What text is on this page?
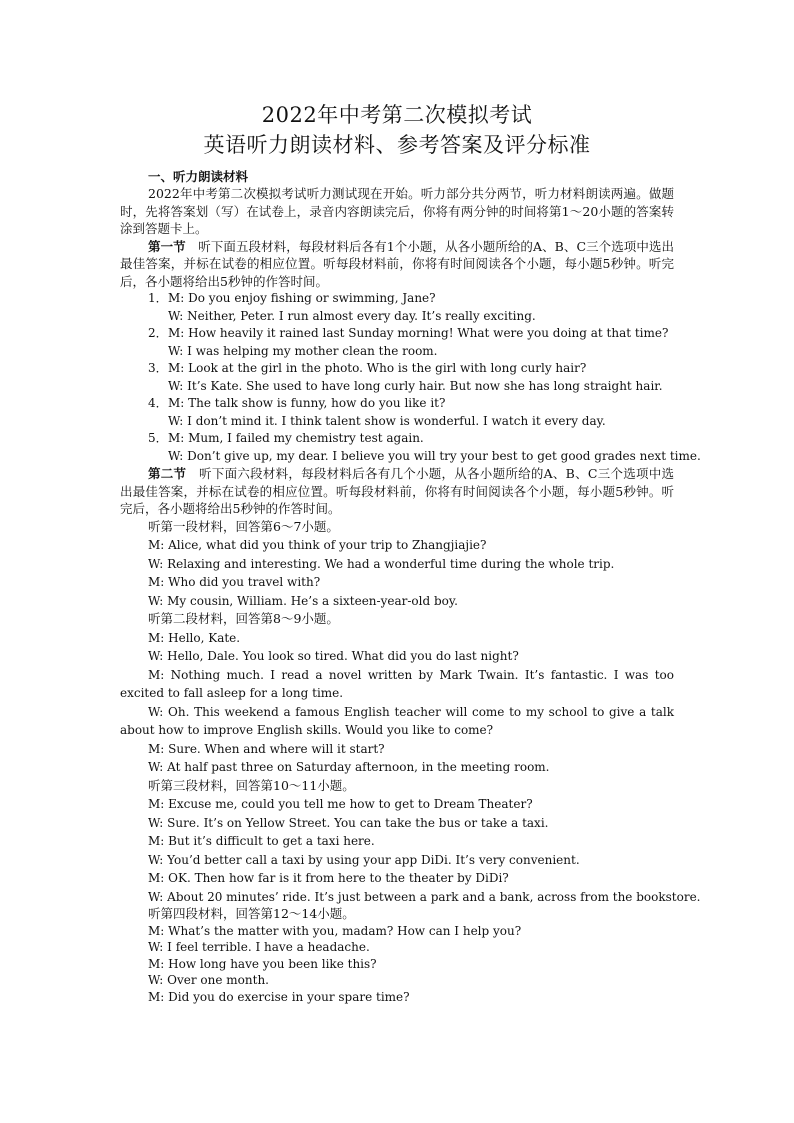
2022年中考第二次模拟考试
英语听力朗读材料、参考答案及评分标准
一、听力朗读材料

2022年中考第二次模拟考试听力测试现在开始。听力部分共分两节，听力材料朗读两遍。做题时，先将答案划（写）在试卷上，录音内容朗读完后，你将有两分钟的时间将第1～20小题的答案转涂到答题卡上。

第一节　听下面五段材料，每段材料后各有1个小题，从各小题所给的A、B、C三个选项中选出最佳答案，并标在试卷的相应位置。听每段材料前，你将有时间阅读各个小题，每小题5秒钟。听完后，各小题将给出5秒钟的作答时间。

1．M: Do you enjoy fishing or swimming, Jane?

W: Neither, Peter. I run almost every day. It’s really exciting.

2．M: How heavily it rained last Sunday morning! What were you doing at that time?

W: I was helping my mother clean the room.

3．M: Look at the girl in the photo. Who is the girl with long curly hair?

W: It’s Kate. She used to have long curly hair. But now she has long straight hair.

4．M: The talk show is funny, how do you like it?

W: I don’t mind it. I think talent show is wonderful. I watch it every day.

5．M: Mum, I failed my chemistry test again.

W: Don’t give up, my dear. I believe you will try your best to get good grades next time.

第二节　听下面六段材料，每段材料后各有几个小题，从各小题所给的A、B、C三个选项中选出最佳答案，并标在试卷的相应位置。听每段材料前，你将有时间阅读各个小题，每小题5秒钟。听完后，各小题将给出5秒钟的作答时间。

听第一段材料，回答第6～7小题。

M: Alice, what did you think of your trip to Zhangjiajie?

W: Relaxing and interesting. We had a wonderful time during the whole trip.

M: Who did you travel with?

W: My cousin, William. He’s a sixteen-year-old boy.

听第二段材料，回答第8～9小题。

M: Hello, Kate.

W: Hello, Dale. You look so tired. What did you do last night?

M: Nothing much. I read a novel written by Mark Twain. It’s fantastic. I was too excited to fall asleep for a long time.

W: Oh. This weekend a famous English teacher will come to my school to give a talk about how to improve English skills. Would you like to come?

M: Sure. When and where will it start?

W: At half past three on Saturday afternoon, in the meeting room.

听第三段材料，回答第10～11小题。

M: Excuse me, could you tell me how to get to Dream Theater?

W: Sure. It’s on Yellow Street. You can take the bus or take a taxi.

M: But it’s difficult to get a taxi here.

W: You’d better call a taxi by using your app DiDi. It’s very convenient.

M: OK. Then how far is it from here to the theater by DiDi?

W: About 20 minutes’ ride. It’s just between a park and a bank, across from the bookstore.

听第四段材料，回答第12～14小题。

M: What’s the matter with you, madam? How can I help you?

W: I feel terrible. I have a headache.

M: How long have you been like this?

W: Over one month.

M: Did you do exercise in your spare time?
